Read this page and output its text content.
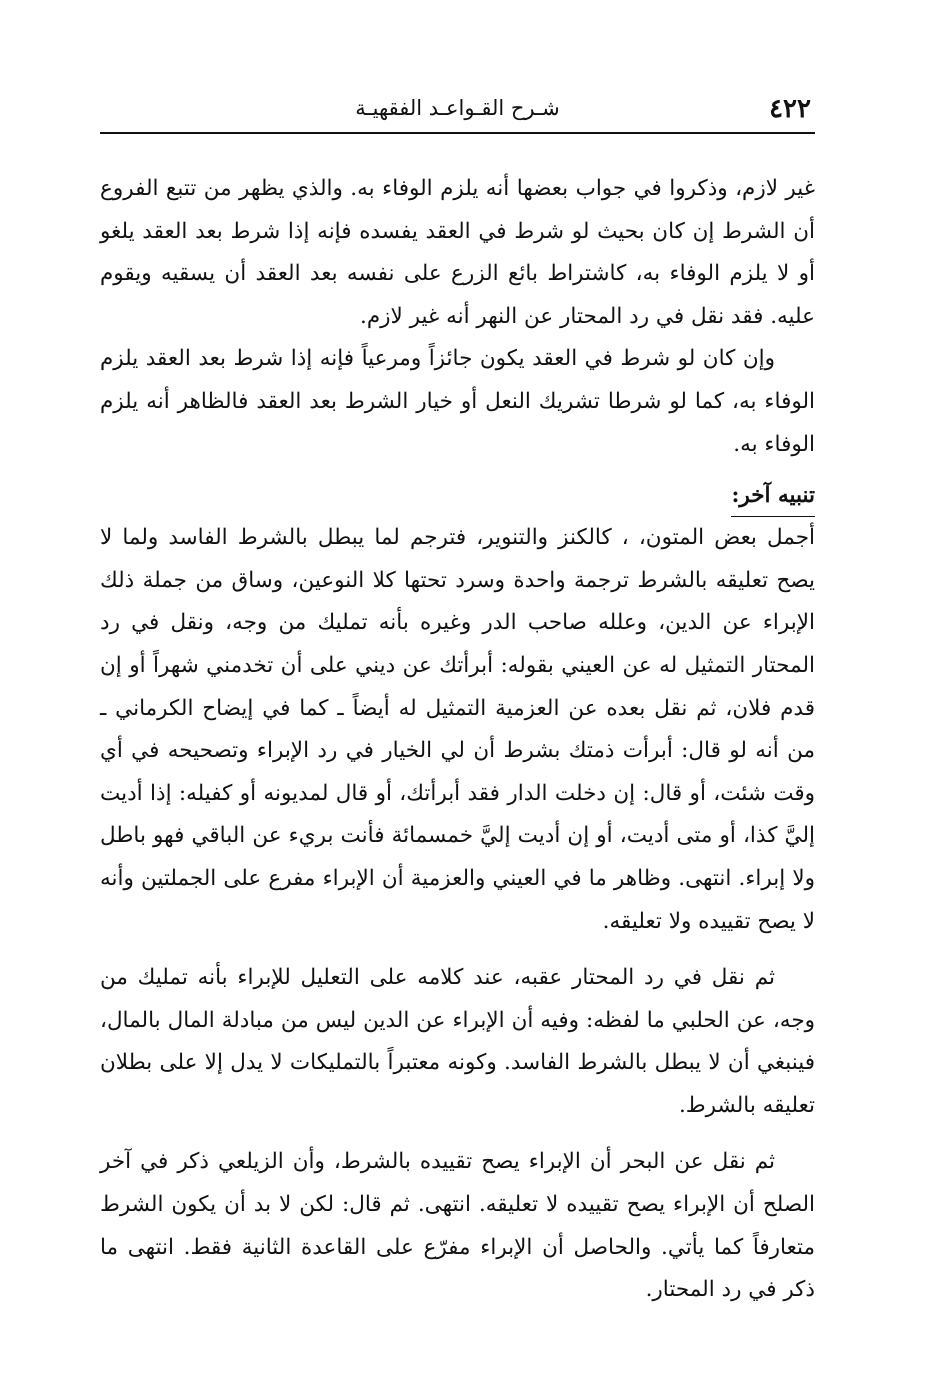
٤٢٢
شـرح القـواعـد الفقهيـة

غير لازم، وذكروا في جواب بعضها أنه يلزم الوفاء به. والذي يظهر من تتبع الفروع أن الشرط إن كان بحيث لو شرط في العقد يفسده فإنه إذا شرط بعد العقد يلغو أو لا يلزم الوفاء به، كاشتراط بائع الزرع على نفسه بعد العقد أن يسقيه ويقوم عليه. فقد نقل في رد المحتار عن النهر أنه غير لازم.

وإن كان لو شرط في العقد يكون جائزاً ومرعياً فإنه إذا شرط بعد العقد يلزم الوفاء به، كما لو شرطا تشريك النعل أو خيار الشرط بعد العقد فالظاهر أنه يلزم الوفاء به.

تنبيه آخر:

أجمل بعض المتون، ، كالكنز والتنوير، فترجم لما يبطل بالشرط الفاسد ولما لا يصح تعليقه بالشرط ترجمة واحدة وسرد تحتها كلا النوعين، وساق من جملة ذلك الإبراء عن الدين، وعلله صاحب الدر وغيره بأنه تمليك من وجه، ونقل في رد المحتار التمثيل له عن العيني بقوله: أبرأتك عن ديني على أن تخدمني شهراً أو إن قدم فلان، ثم نقل بعده عن العزمية التمثيل له أيضاً ـ كما في إيضاح الكرماني ـ من أنه لو قال: أبرأت ذمتك بشرط أن لي الخيار في رد الإبراء وتصحيحه في أي وقت شئت، أو قال: إن دخلت الدار فقد أبرأتك، أو قال لمديونه أو كفيله: إذا أديت إليَّ كذا، أو متى أديت، أو إن أديت إليَّ خمسمائة فأنت بريء عن الباقي فهو باطل ولا إبراء. انتهى. وظاهر ما في العيني والعزمية أن الإبراء مفرع على الجملتين وأنه لا يصح تقييده ولا تعليقه.

ثم نقل في رد المحتار عقبه، عند كلامه على التعليل للإبراء بأنه تمليك من وجه، عن الحلبي ما لفظه: وفيه أن الإبراء عن الدين ليس من مبادلة المال بالمال، فينبغي أن لا يبطل بالشرط الفاسد. وكونه معتبراً بالتمليكات لا يدل إلا على بطلان تعليقه بالشرط.

ثم نقل عن البحر أن الإبراء يصح تقييده بالشرط، وأن الزيلعي ذكر في آخر الصلح أن الإبراء يصح تقييده لا تعليقه. انتهى. ثم قال: لكن لا بد أن يكون الشرط متعارفاً كما يأتي. والحاصل أن الإبراء مفرّع على القاعدة الثانية فقط. انتهى ما ذكر في رد المحتار.
